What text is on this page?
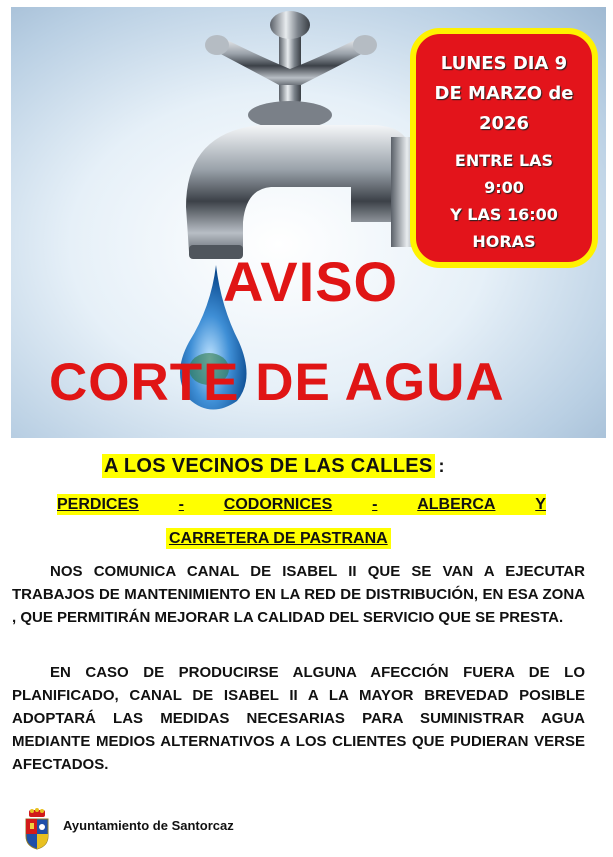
AVISO
CORTE DE AGUA
LUNES DIA 9
DE MARZO de
2026
ENTRE LAS
9:00
Y LAS 16:00
HORAS
A LOS VECINOS DE LAS CALLES :
PERDICES - CODORNICES - ALBERCA Y
CARRETERA DE PASTRANA

NOS COMUNICA CANAL DE ISABEL II QUE SE VAN A EJECUTAR TRABAJOS DE MANTENIMIENTO EN LA RED DE DISTRIBUCIÓN, EN ESA ZONA , QUE PERMITIRÁN MEJORAR LA CALIDAD DEL SERVICIO QUE SE PRESTA.

EN CASO DE PRODUCIRSE ALGUNA AFECCIÓN FUERA DE LO PLANIFICADO, CANAL DE ISABEL II A LA MAYOR BREVEDAD POSIBLE ADOPTARÁ LAS MEDIDAS NECESARIAS PARA SUMINISTRAR AGUA MEDIANTE MEDIOS ALTERNATIVOS A LOS CLIENTES QUE PUDIERAN VERSE AFECTADOS.

Ayuntamiento de Santorcaz
